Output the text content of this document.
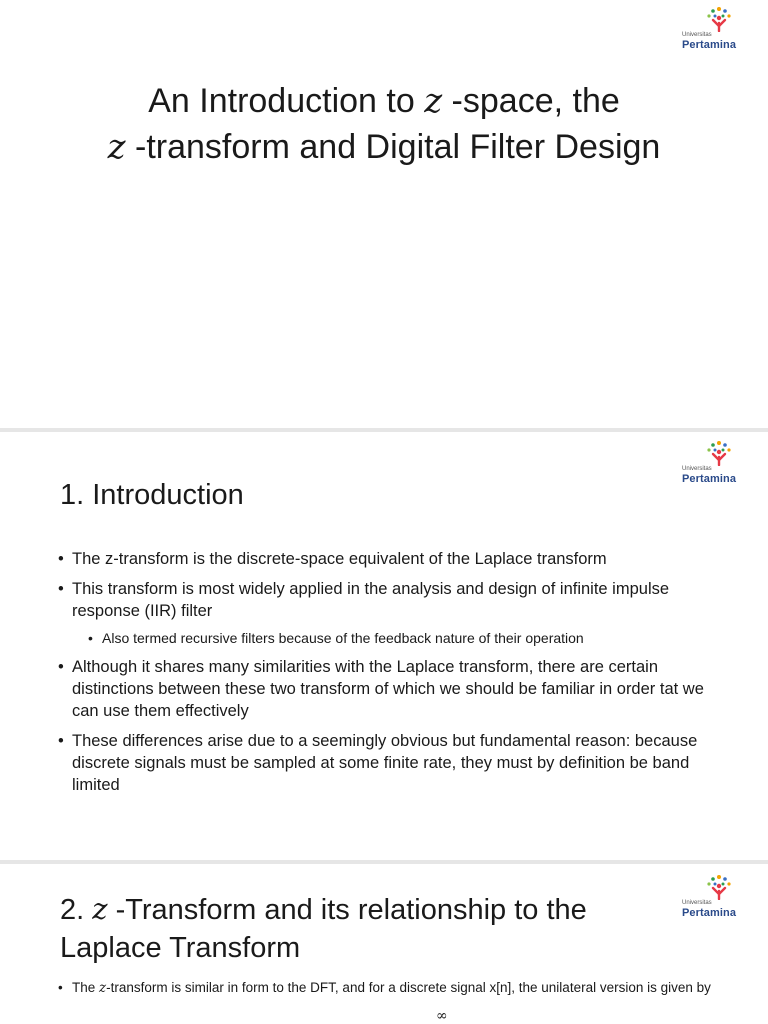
Universitas
Pertamina
An Introduction to z -space, the
z -transform and Digital Filter Design
Universitas
Pertamina
1. Introduction
• The z-transform is the discrete-space equivalent of the Laplace transform
• This transform is most widely applied in the analysis and design of infinite impulse response (IIR) filter
• Also termed recursive filters because of the feedback nature of their operation
• Although it shares many similarities with the Laplace transform, there are certain distinctions between these two transform of which we should be familiar in order tat we can use them effectively
• These differences arise due to a seemingly obvious but fundamental reason: because discrete signals must be sampled at some finite rate, they must by definition be band limited
Universitas
Pertamina
2. z -Transform and its relationship to the Laplace Transform
• The z-transform is similar in form to the DFT, and for a discrete signal x[n], the unilateral version is given by
∞
